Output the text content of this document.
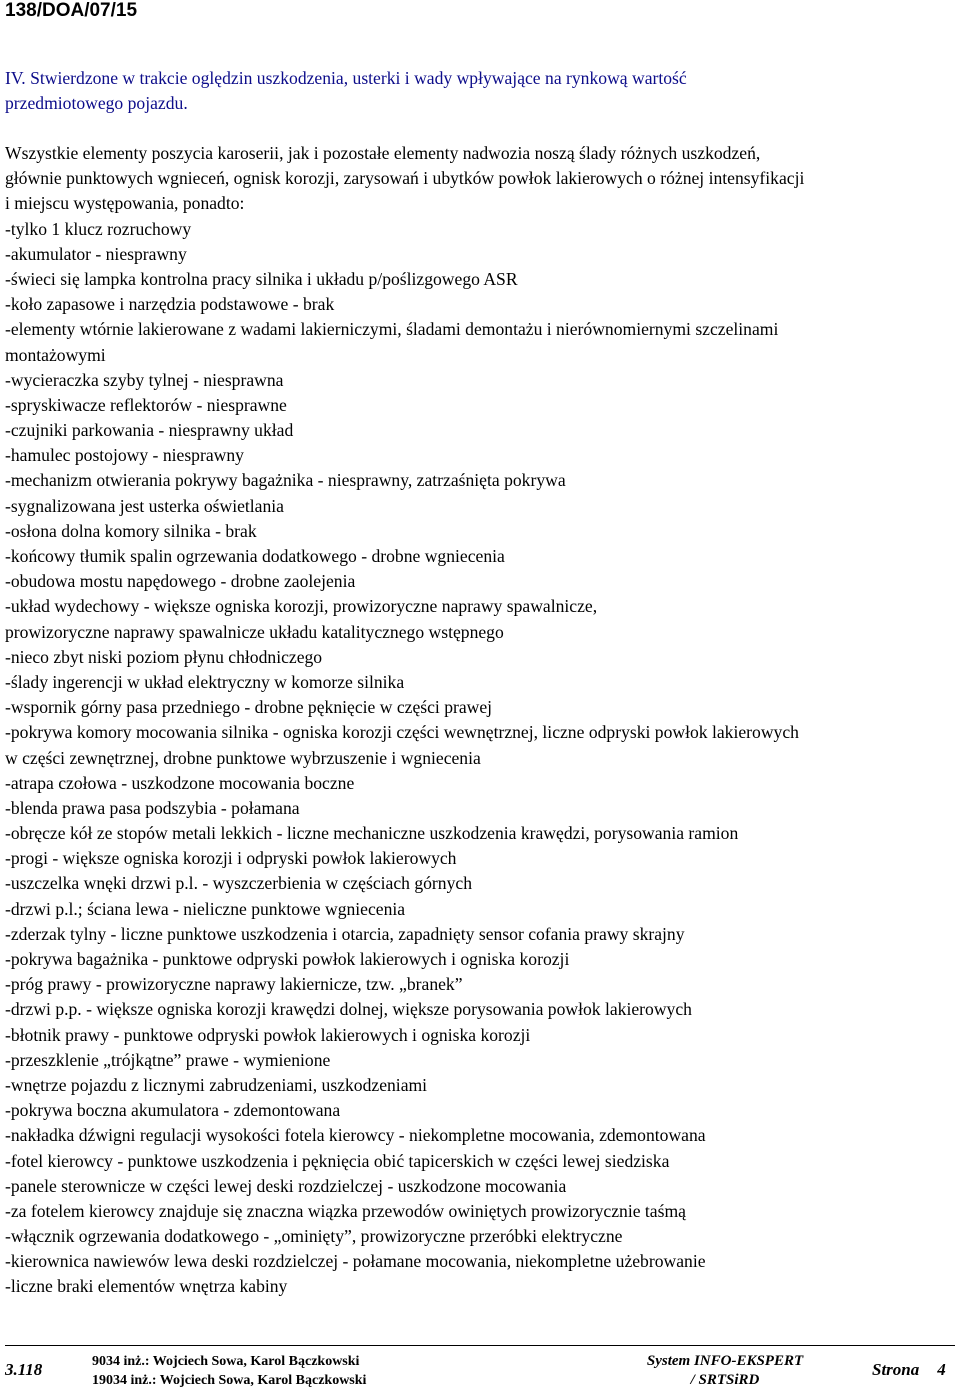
138/DOA/07/15
IV. Stwierdzone w trakcie oględzin uszkodzenia, usterki i wady wpływające na rynkową wartość
przedmiotowego pojazdu.
Wszystkie elementy poszycia karoserii, jak i pozostałe elementy nadwozia noszą ślady różnych uszkodzeń,
głównie punktowych wgnieceń, ognisk korozji, zarysowań i ubytków powłok lakierowych o różnej intensyfikacji
i miejscu występowania, ponadto:
-tylko 1 klucz rozruchowy
-akumulator - niesprawny
-świeci się lampka kontrolna pracy silnika i układu p/poślizgowego ASR
-koło zapasowe i narzędzia podstawowe - brak
-elementy wtórnie lakierowane z wadami lakierniczymi, śladami demontażu i nierównomiernymi szczelinami
montażowymi
-wycieraczka szyby tylnej - niesprawna
-spryskiwacze reflektorów - niesprawne
-czujniki parkowania - niesprawny układ
-hamulec postojowy - niesprawny
-mechanizm otwierania pokrywy bagażnika - niesprawny, zatrzaśnięta pokrywa
-sygnalizowana jest usterka oświetlania
-osłona dolna komory silnika - brak
-końcowy tłumik spalin ogrzewania dodatkowego - drobne wgniecenia
-obudowa mostu napędowego - drobne zaolejenia
-układ wydechowy - większe ogniska korozji, prowizoryczne naprawy spawalnicze,
prowizoryczne naprawy spawalnicze układu katalitycznego wstępnego
-nieco zbyt niski poziom płynu chłodniczego
-ślady ingerencji w układ elektryczny w komorze silnika
-wspornik górny pasa przedniego - drobne pęknięcie w części prawej
-pokrywa komory mocowania silnika - ogniska korozji części wewnętrznej, liczne odpryski powłok lakierowych
w części zewnętrznej, drobne punktowe wybrzuszenie i wgniecenia
-atrapa czołowa - uszkodzone mocowania boczne
-blenda prawa pasa podszybia - połamana
-obręcze kół ze stopów metali lekkich - liczne mechaniczne uszkodzenia krawędzi, porysowania ramion
-progi - większe ogniska korozji i odpryski powłok lakierowych
-uszczelka wnęki drzwi p.l. - wyszczerbienia w częściach górnych
-drzwi p.l.; ściana lewa - nieliczne punktowe wgniecenia
-zderzak tylny - liczne punktowe uszkodzenia i otarcia, zapadnięty sensor cofania prawy skrajny
-pokrywa bagażnika - punktowe odpryski powłok lakierowych i ogniska korozji
-próg prawy - prowizoryczne naprawy lakiernicze, tzw. „branek”
-drzwi p.p. - większe ogniska korozji krawędzi dolnej, większe porysowania powłok lakierowych
-błotnik prawy - punktowe odpryski powłok lakierowych i ogniska korozji
-przeszklenie „trójkątne” prawe - wymienione
-wnętrze pojazdu z licznymi zabrudzeniami, uszkodzeniami
-pokrywa boczna akumulatora - zdemontowana
-nakładka dźwigni regulacji wysokości fotela kierowcy - niekompletne mocowania, zdemontowana
-fotel kierowcy - punktowe uszkodzenia i pęknięcia obić tapicerskich w części lewej siedziska
-panele sterownicze w części lewej deski rozdzielczej - uszkodzone mocowania
-za fotelem kierowcy znajduje się znaczna wiązka przewodów owiniętych prowizorycznie taśmą
-włącznik ogrzewania dodatkowego - „ominięty”, prowizoryczne przeróbki elektryczne
-kierownica nawiewów lewa deski rozdzielczej - połamane mocowania, niekompletne użebrowanie
-liczne braki elementów wnętrza kabiny
3.118	9034 inż.: Wojciech Sowa, Karol Bączkowski
19034 inż.: Wojciech Sowa, Karol Bączkowski
System INFO-EKSPERT
/ SRTSiRD
Strona 4
